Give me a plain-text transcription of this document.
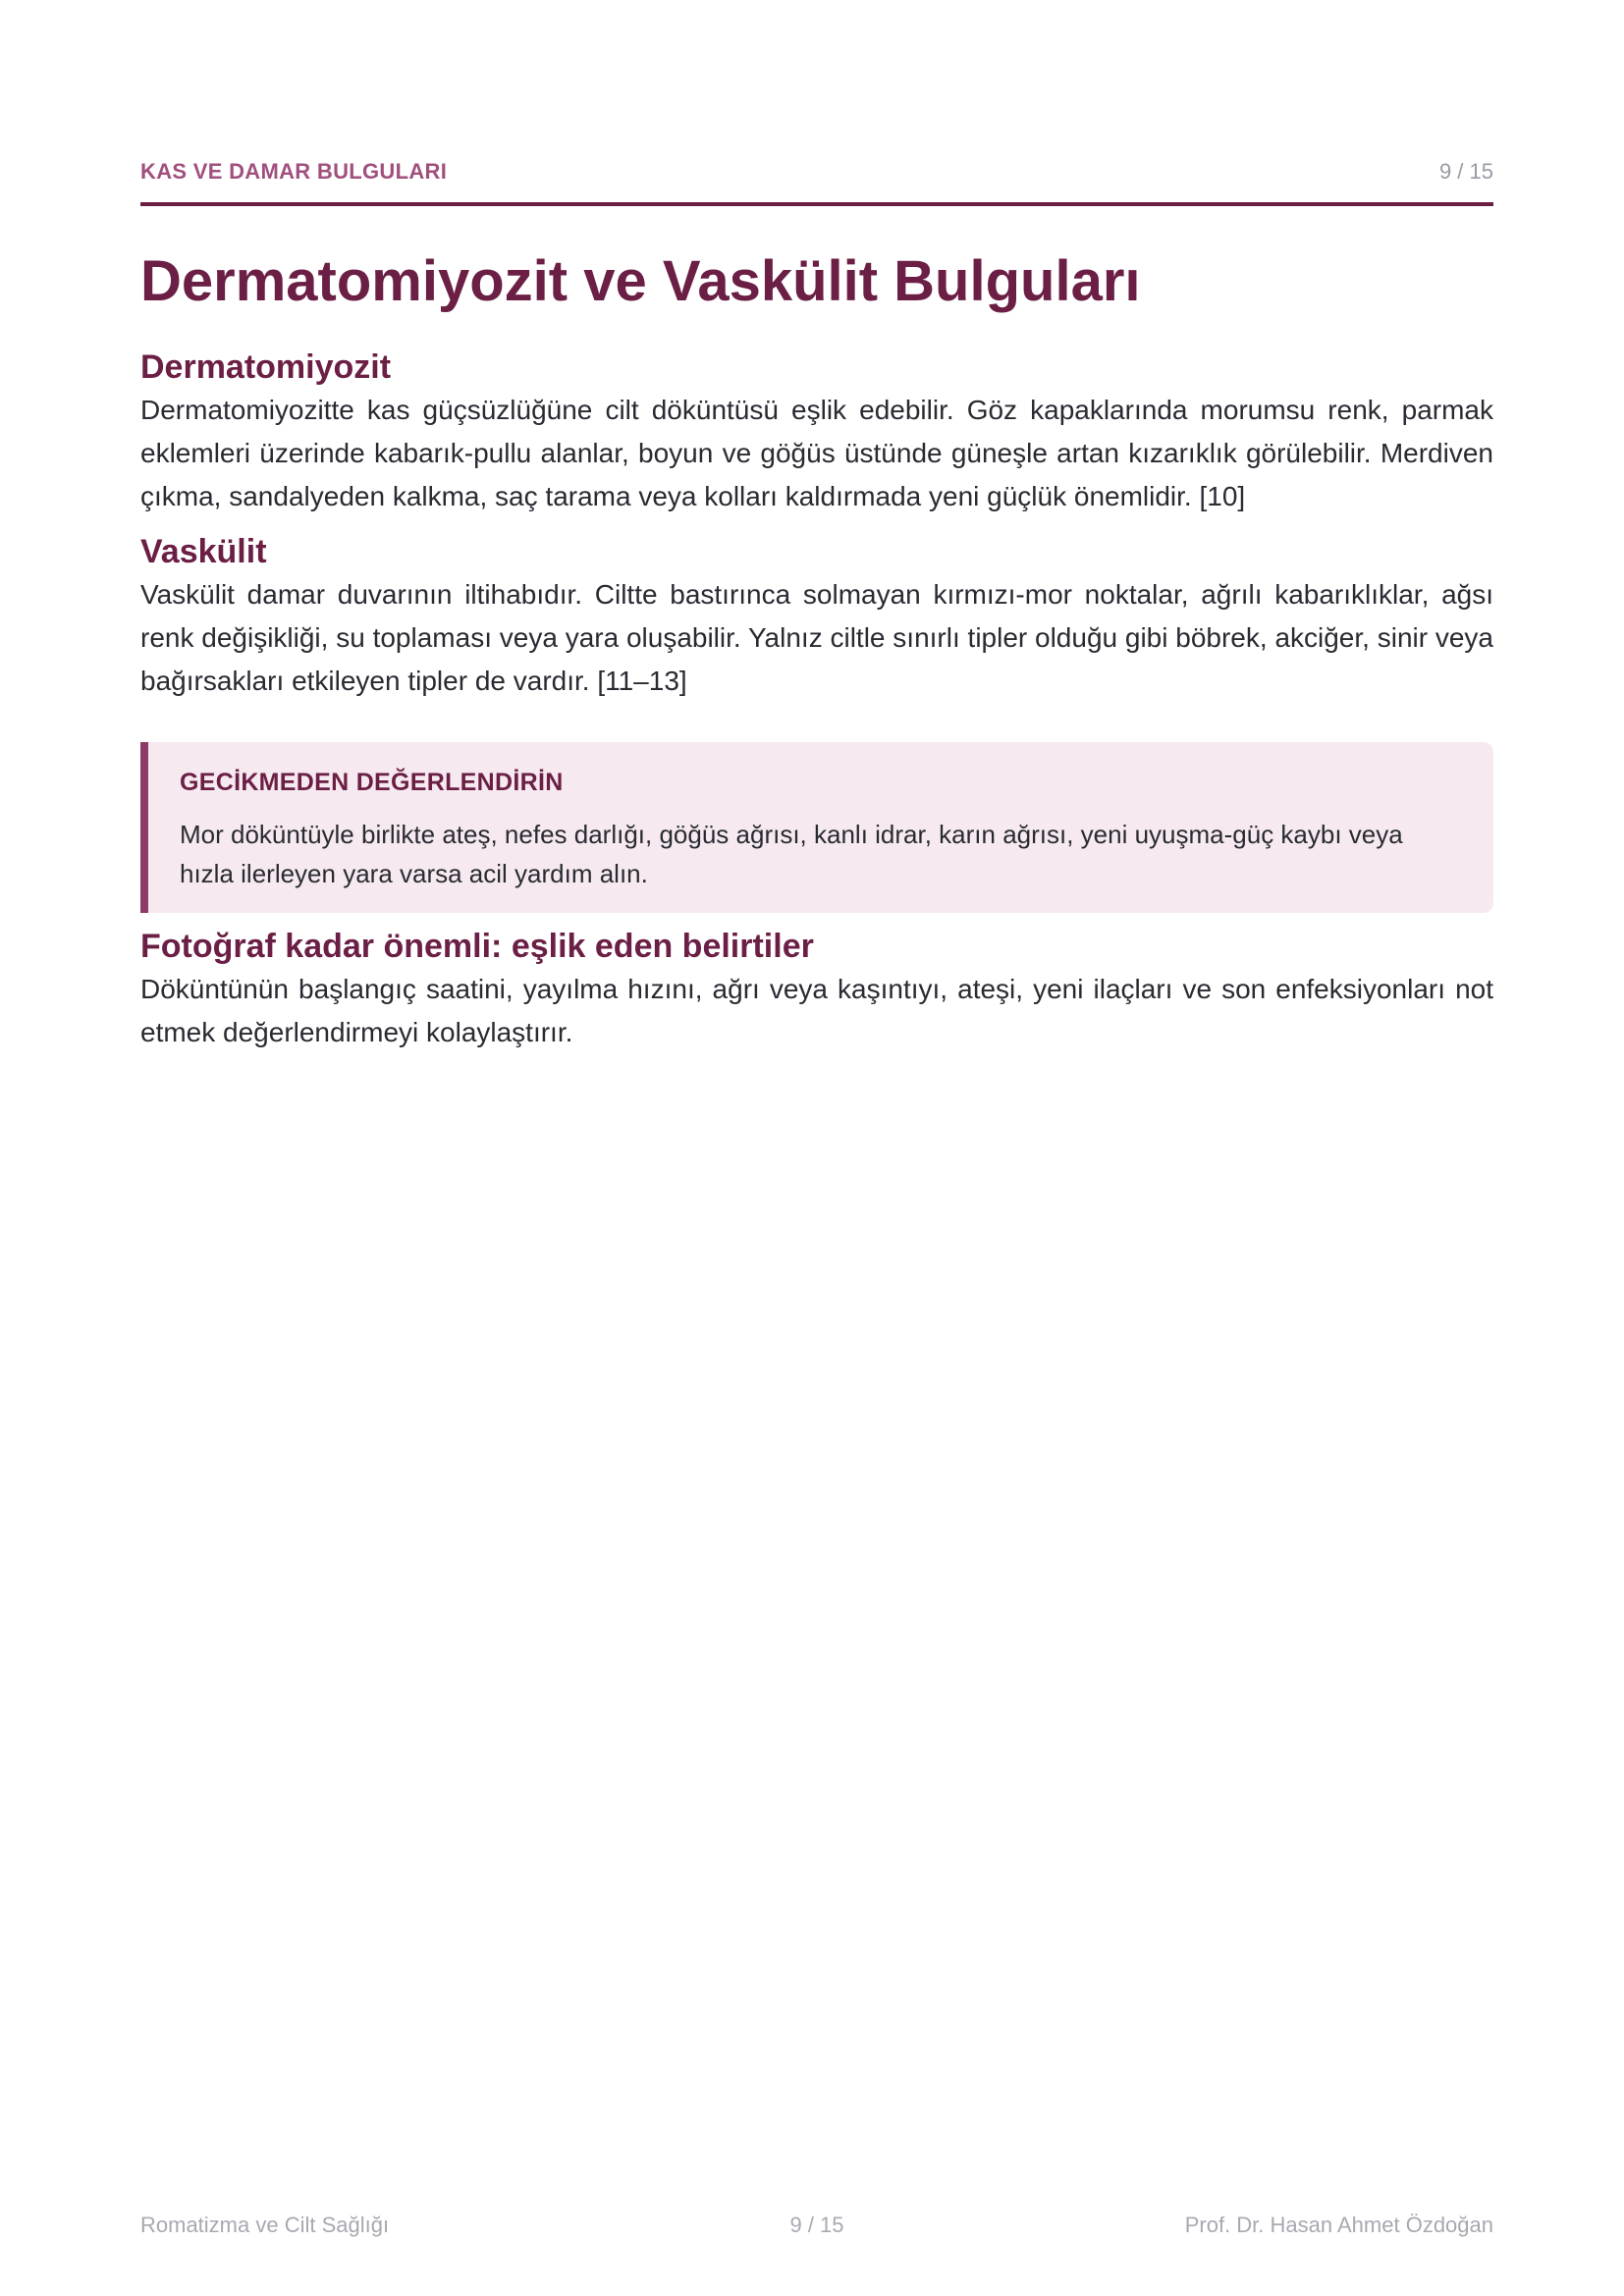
KAS VE DAMAR BULGULARI	9 / 15
Dermatomiyozit ve Vaskülit Bulguları
Dermatomiyozit

Dermatomiyozitte kas güçsüzlüğüne cilt döküntüsü eşlik edebilir. Göz kapaklarında morumsu renk, parmak eklemleri üzerinde kabarık-pullu alanlar, boyun ve göğüs üstünde güneşle artan kızarıklık görülebilir. Merdiven çıkma, sandalyeden kalkma, saç tarama veya kolları kaldırmada yeni güçlük önemlidir. [10]

Vaskülit

Vaskülit damar duvarının iltihabıdır. Ciltte bastırınca solmayan kırmızı-mor noktalar, ağrılı kabarıklıklar, ağsı renk değişikliği, su toplaması veya yara oluşabilir. Yalnız ciltle sınırlı tipler olduğu gibi böbrek, akciğer, sinir veya bağırsakları etkileyen tipler de vardır. [11–13]

GECİKMEDEN DEĞERLENDİRİN
Mor döküntüyle birlikte ateş, nefes darlığı, göğüs ağrısı, kanlı idrar, karın ağrısı, yeni uyuşma-güç kaybı veya hızla ilerleyen yara varsa acil yardım alın.
Fotoğraf kadar önemli: eşlik eden belirtiler

Döküntünün başlangıç saatini, yayılma hızını, ağrı veya kaşıntıyı, ateşi, yeni ilaçları ve son enfeksiyonları not etmek değerlendirmeyi kolaylaştırır.

Romatizma ve Cilt Sağlığı	9 / 15	Prof. Dr. Hasan Ahmet Özdoğan
